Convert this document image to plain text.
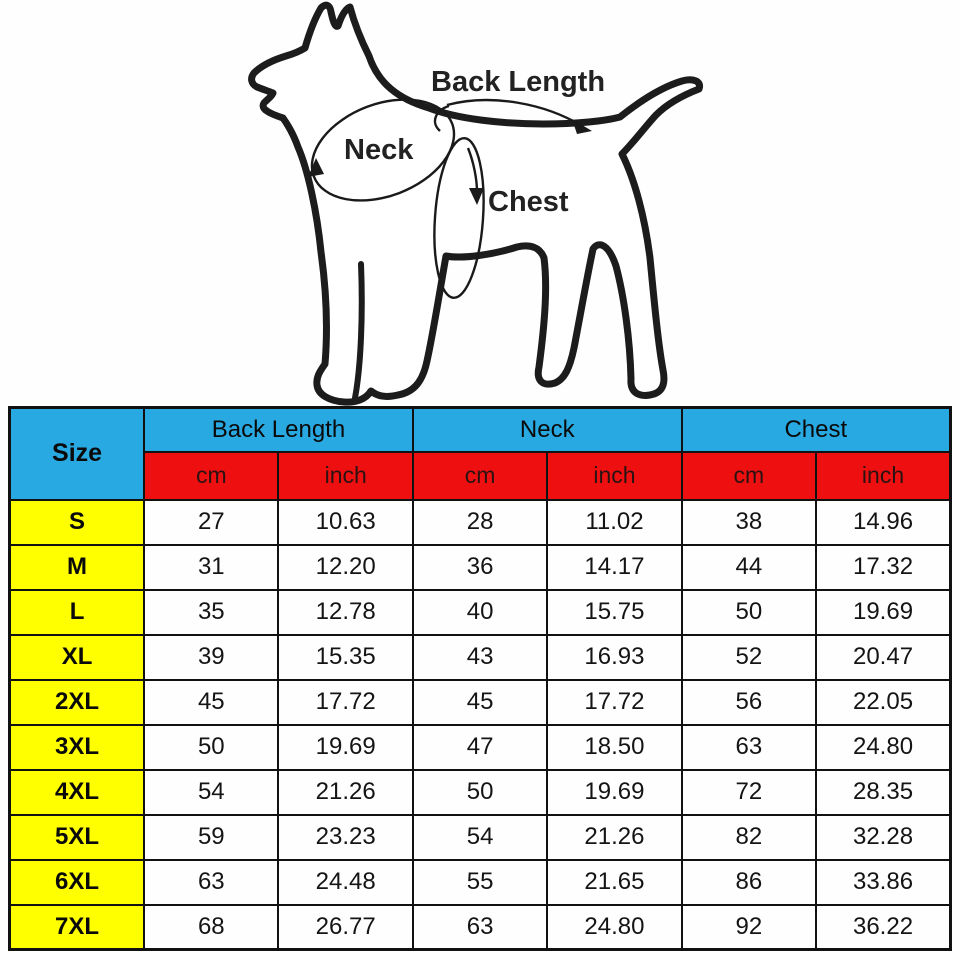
Back Length
Neck
Chest
Size	Back Length		Neck		Chest	
	cm	inch	cm	inch	cm	inch
S	27	10.63	28	11.02	38	14.96
M	31	12.20	36	14.17	44	17.32
L	35	12.78	40	15.75	50	19.69
XL	39	15.35	43	16.93	52	20.47
2XL	45	17.72	45	17.72	56	22.05
3XL	50	19.69	47	18.50	63	24.80
4XL	54	21.26	50	19.69	72	28.35
5XL	59	23.23	54	21.26	82	32.28
6XL	63	24.48	55	21.65	86	33.86
7XL	68	26.77	63	24.80	92	36.22
